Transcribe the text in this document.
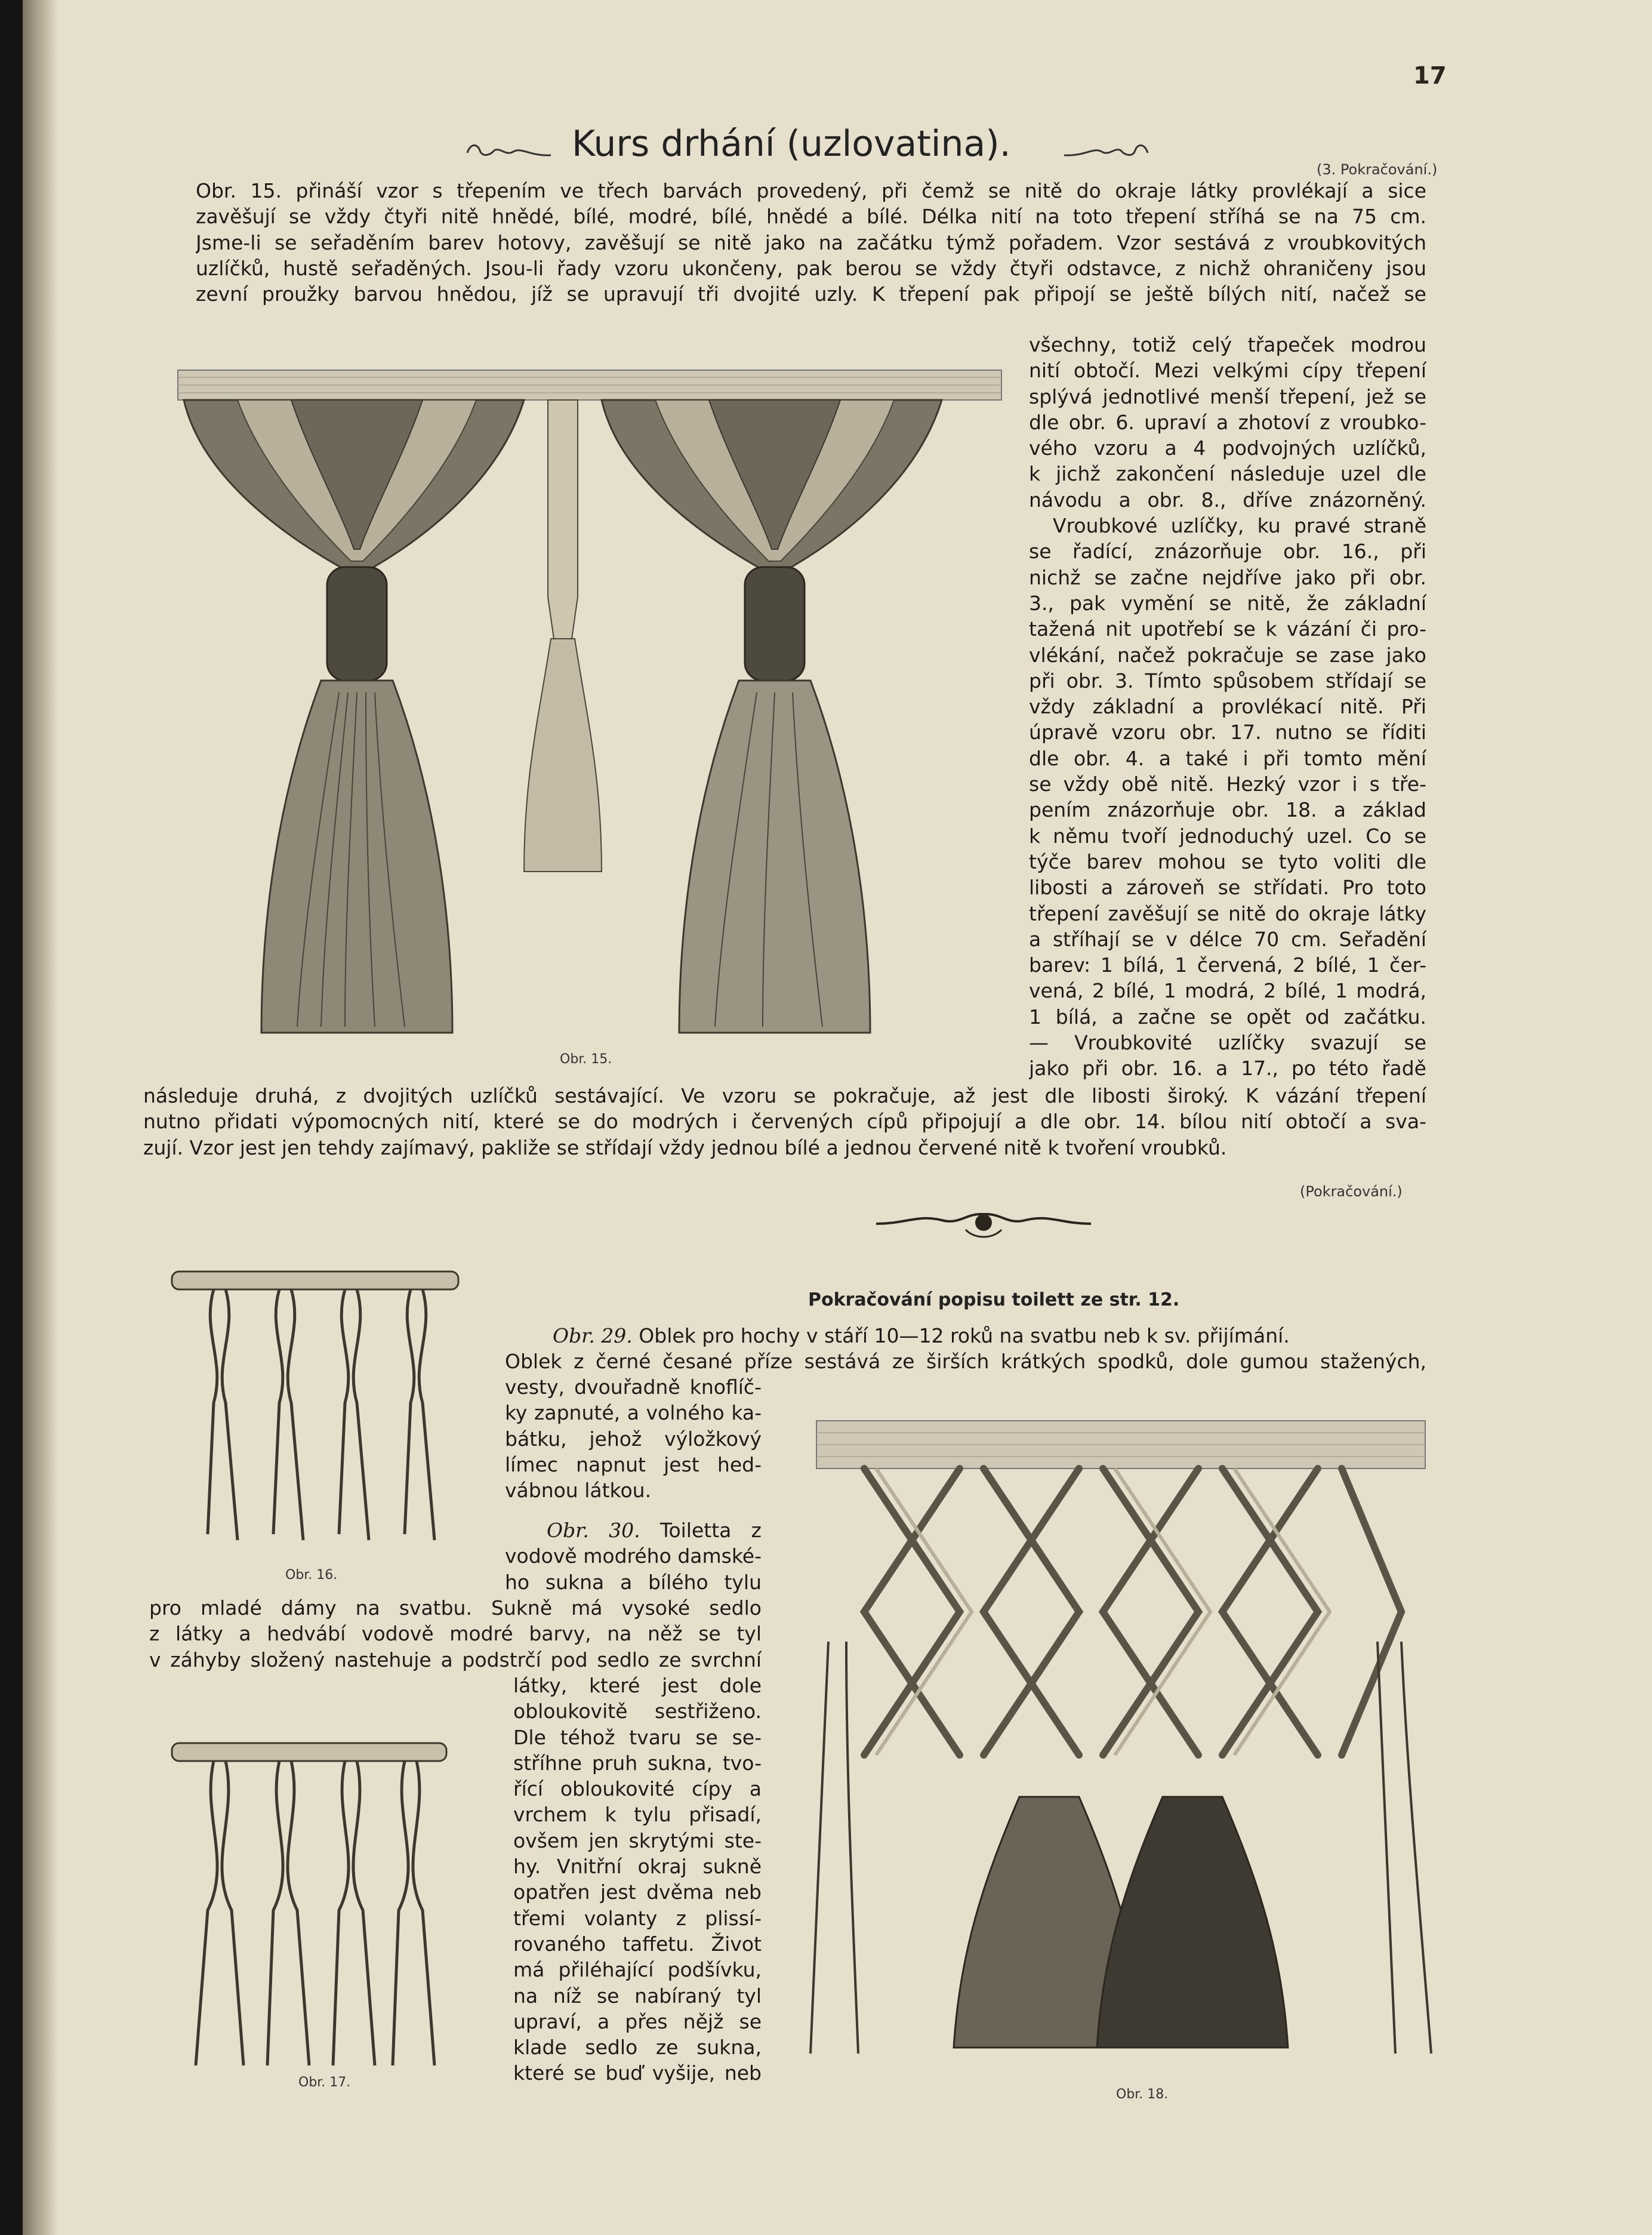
17
Kurs drhání (uzlovatina).
(3. Pokračování.)
Obr. 15. přináší vzor s třepením ve třech barvách provedený, při čemž se nitě do okraje látky provlékají a sice
zavěšují se vždy čtyři nitě hnědé, bílé, modré, bílé, hnědé a bílé. Délka nití na toto třepení stříhá se na 75 cm.
Jsme-li se seřaděním barev hotovy, zavěšují se nitě jako na začátku týmž pořadem. Vzor sestává z vroubkovitých
uzlíčků, hustě seřaděných. Jsou-li řady vzoru ukončeny, pak berou se vždy čtyři odstavce, z nichž ohraničeny jsou
zevní proužky barvou hnědou, jíž se upravují tři dvojité uzly. K třepení pak připojí se ještě bílých nití, načež se
Obr. 15.
všechny, totiž celý třapeček modrou
nití obtočí. Mezi velkými cípy třepení
splývá jednotlivé menší třepení, jež se
dle obr. 6. upraví a zhotoví z vroubko-
vého vzoru a 4 podvojných uzlíčků,
k jichž zakončení následuje uzel dle
návodu a obr. 8., dříve znázorněný.
Vroubkové uzlíčky, ku pravé straně
se řadící, znázorňuje obr. 16., při
nichž se začne nejdříve jako při obr.
3., pak vymění se nitě, že základní
tažená nit upotřebí se k vázání či pro-
vlékání, načež pokračuje se zase jako
při obr. 3. Tímto spůsobem střídají se
vždy základní a provlékací nitě. Při
úpravě vzoru obr. 17. nutno se říditi
dle obr. 4. a také i při tomto mění
se vždy obě nitě. Hezký vzor i s tře-
pením znázorňuje obr. 18. a základ
k němu tvoří jednoduchý uzel. Co se
týče barev mohou se tyto voliti dle
libosti a zároveň se střídati. Pro toto
třepení zavěšují se nitě do okraje látky
a stříhají se v délce 70 cm. Seřadění
barev: 1 bílá, 1 červená, 2 bílé, 1 čer-
vená, 2 bílé, 1 modrá, 2 bílé, 1 modrá,
1 bílá, a začne se opět od začátku.
— Vroubkovité uzlíčky svazují se
jako při obr. 16. a 17., po této řadě
následuje druhá, z dvojitých uzlíčků sestávající. Ve vzoru se pokračuje, až jest dle libosti široký. K vázání třepení
nutno přidati výpomocných nití, které se do modrých i červených cípů připojují a dle obr. 14. bílou nití obtočí a sva-
zují. Vzor jest jen tehdy zajímavý, pakliže se střídají vždy jednou bílé a jednou červené nitě k tvoření vroubků.
(Pokračování.)
Pokračování popisu toilett ze str. 12.
Obr. 16.
Obr. 29. Oblek pro hochy v stáří 10—12 roků na svatbu neb k sv. přijímání.
Oblek z černé česané příze sestává ze širších krátkých spodků, dole gumou stažených,
vesty, dvouřadně knoflíč-
ky zapnuté, a volného ka-
bátku, jehož výložkový
límec napnut jest hed-
vábnou látkou.
Obr. 30. Toiletta z
vodově modrého damské-
ho sukna a bílého tylu
pro mladé dámy na svatbu. Sukně má vysoké sedlo
z látky a hedvábí vodově modré barvy, na něž se tyl
v záhyby složený nastehuje a podstrčí pod sedlo ze svrchní
látky, které jest dole
obloukovitě sestřiženo.
Dle téhož tvaru se se-
stříhne pruh sukna, tvo-
řící obloukovité cípy a
vrchem k tylu přisadí,
ovšem jen skrytými ste-
hy. Vnitřní okraj sukně
opatřen jest dvěma neb
třemi volanty z plissí-
rovaného taffetu. Život
má přiléhající podšívku,
na níž se nabíraný tyl
upraví, a přes nějž se
klade sedlo ze sukna,
které se buď vyšije, neb
Obr. 17.
Obr. 18.
